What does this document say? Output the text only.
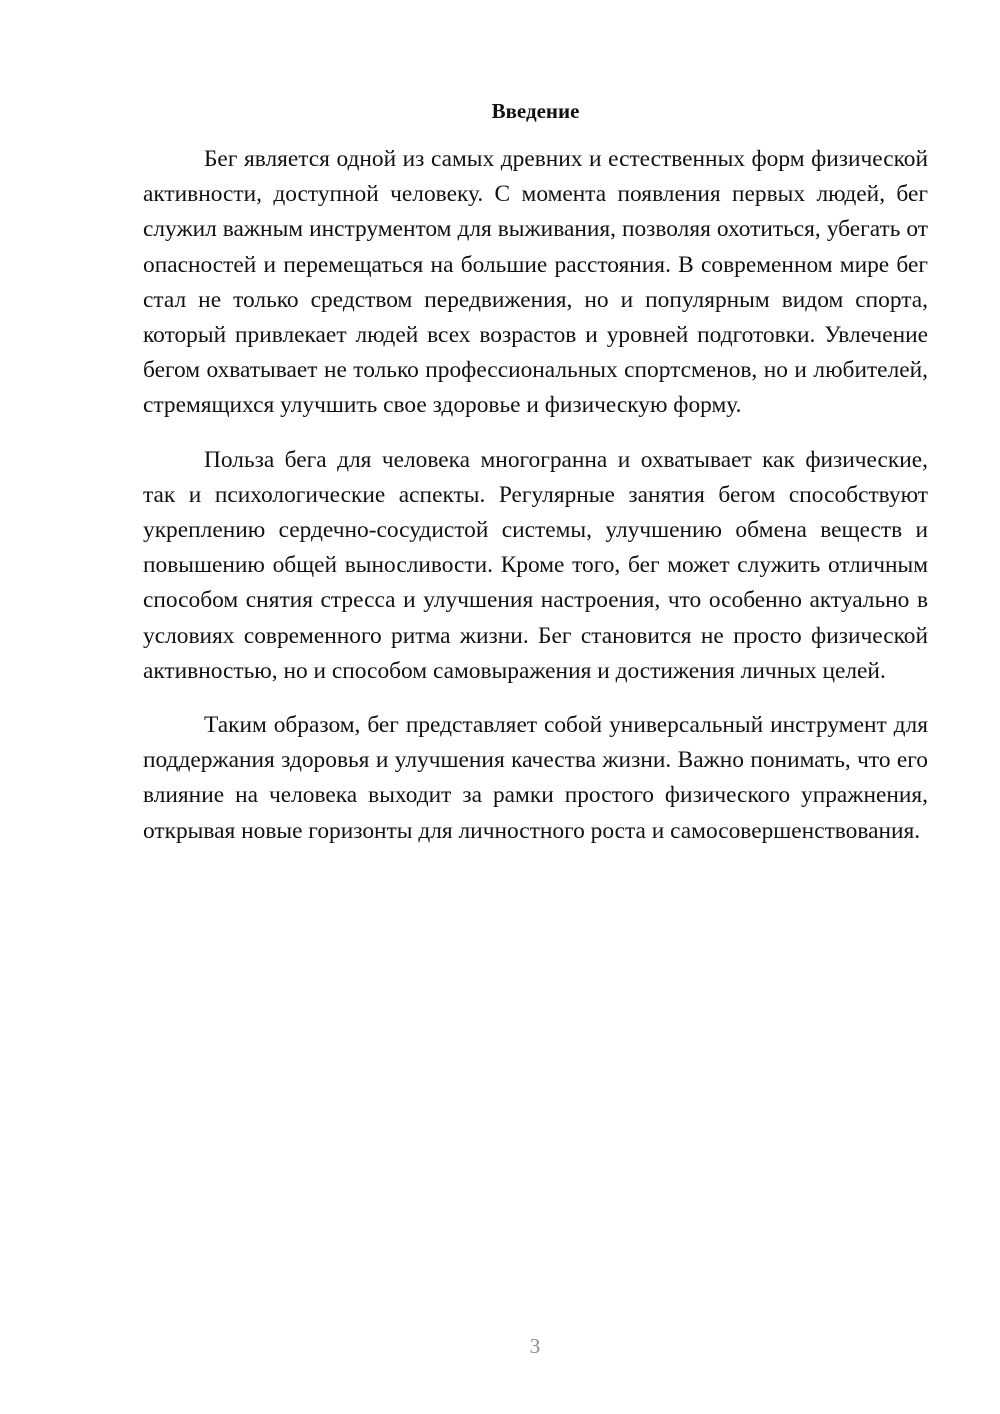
Введение

Бег является одной из самых древних и естественных форм физической активности, доступной человеку. С момента появления первых людей, бег служил важным инструментом для выживания, позволяя охотиться, убегать от опасностей и перемещаться на большие расстояния. В современном мире бег стал не только средством передвижения, но и популярным видом спорта, который привлекает людей всех возрастов и уровней подготовки. Увлечение бегом охватывает не только профессиональных спортсменов, но и любителей, стремящихся улучшить свое здоровье и физическую форму.

Польза бега для человека многогранна и охватывает как физические, так и психологические аспекты. Регулярные занятия бегом способствуют укреплению сердечно-сосудистой системы, улучшению обмена веществ и повышению общей выносливости. Кроме того, бег может служить отличным способом снятия стресса и улучшения настроения, что особенно актуально в условиях современного ритма жизни. Бег становится не просто физической активностью, но и способом самовыражения и достижения личных целей.

Таким образом, бег представляет собой универсальный инструмент для поддержания здоровья и улучшения качества жизни. Важно понимать, что его влияние на человека выходит за рамки простого физического упражнения, открывая новые горизонты для личностного роста и самосовершенствования.

3
